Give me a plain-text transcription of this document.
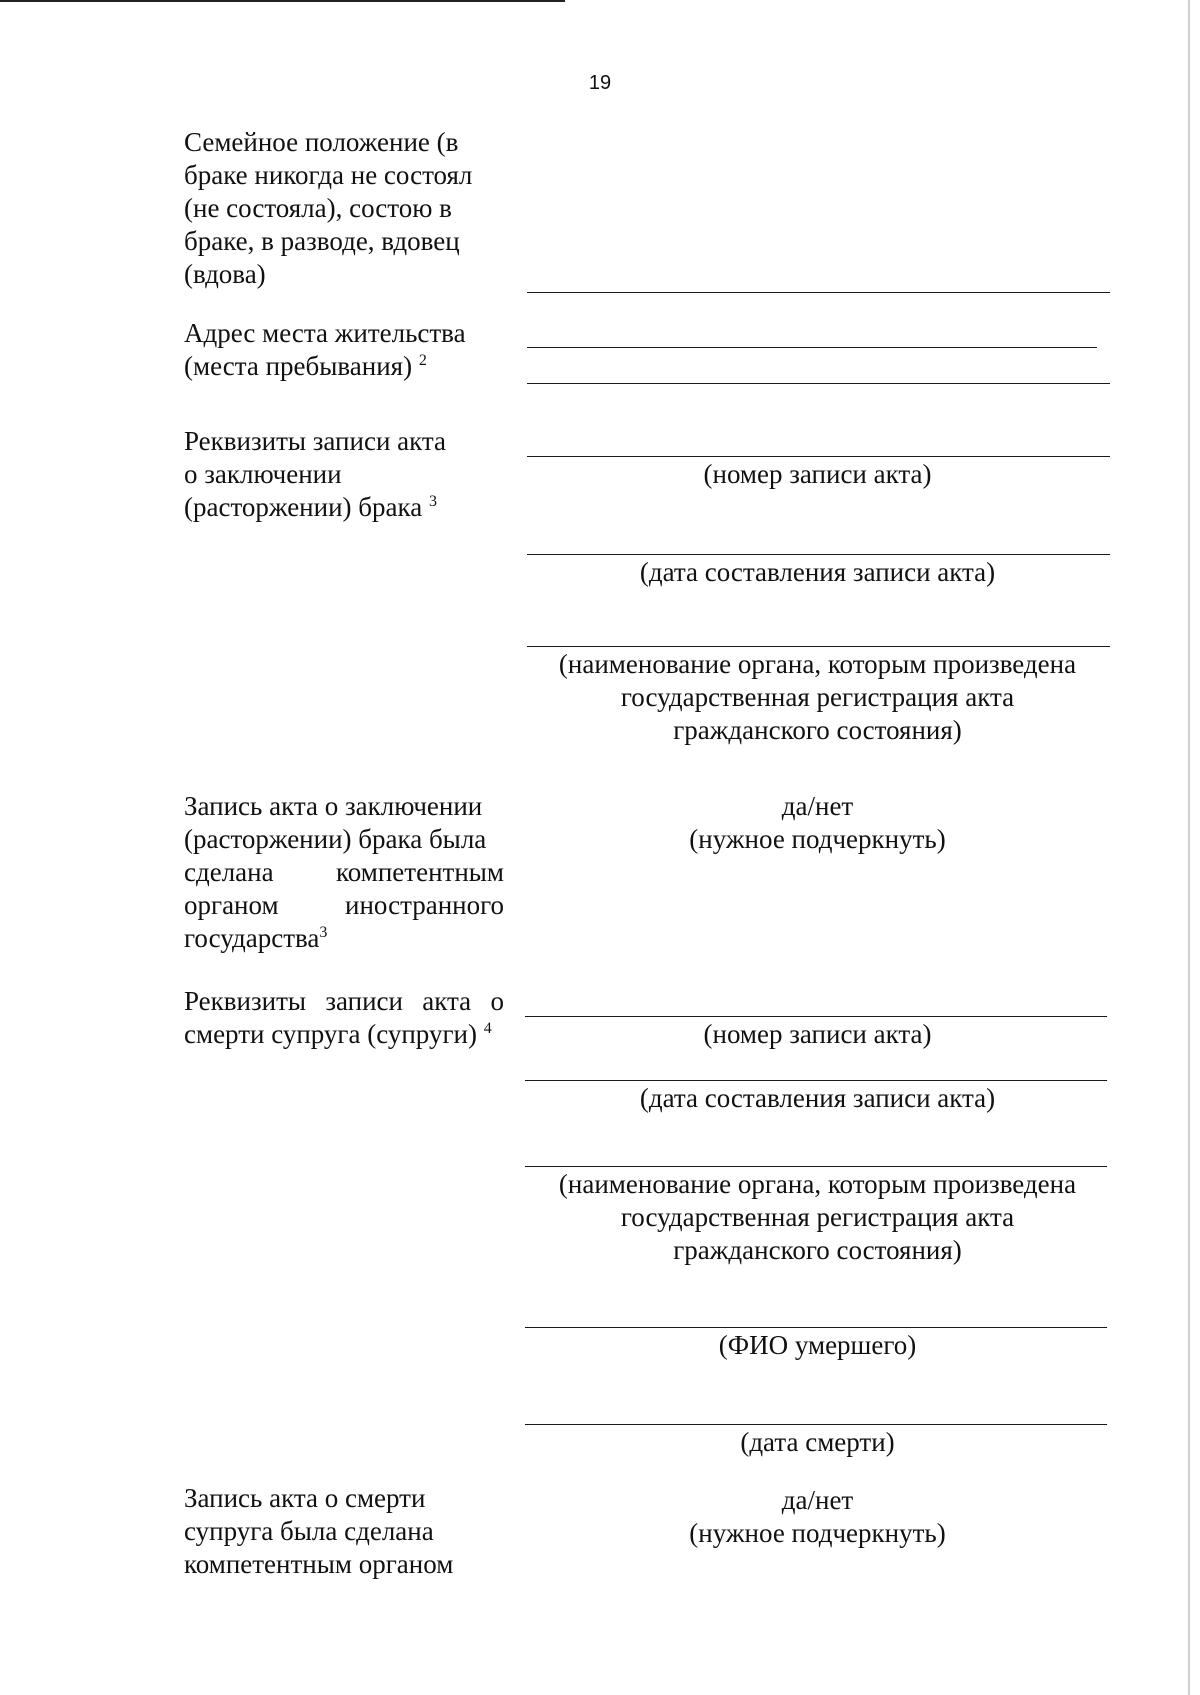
19
Семейное положение (в
браке никогда не состоял
(не состояла), состою в
браке, в разводе, вдовец
(вдова)
Адрес места жительства
(места пребывания) $^2$
Реквизиты записи акта
о заключении
(расторжении) брака $^3$
(номер записи акта)
(дата составления записи акта)
(наименование органа, которым произведена
государственная регистрация акта
гражданского состояния)
Запись акта о заключении
(расторжении) брака была
сделана компетентным
органом иностранного
государства$^3$
да/нет
(нужное подчеркнуть)
Реквизиты записи акта о
смерти супруга (супруги) $^4$	(номер записи акта)
(дата составления записи акта)
(наименование органа, которым произведена
государственная регистрация акта
гражданского состояния)
(ФИО умершего)
(дата смерти)
Запись акта о смерти
супруга была сделана
компетентным органом
да/нет
(нужное подчеркнуть)
